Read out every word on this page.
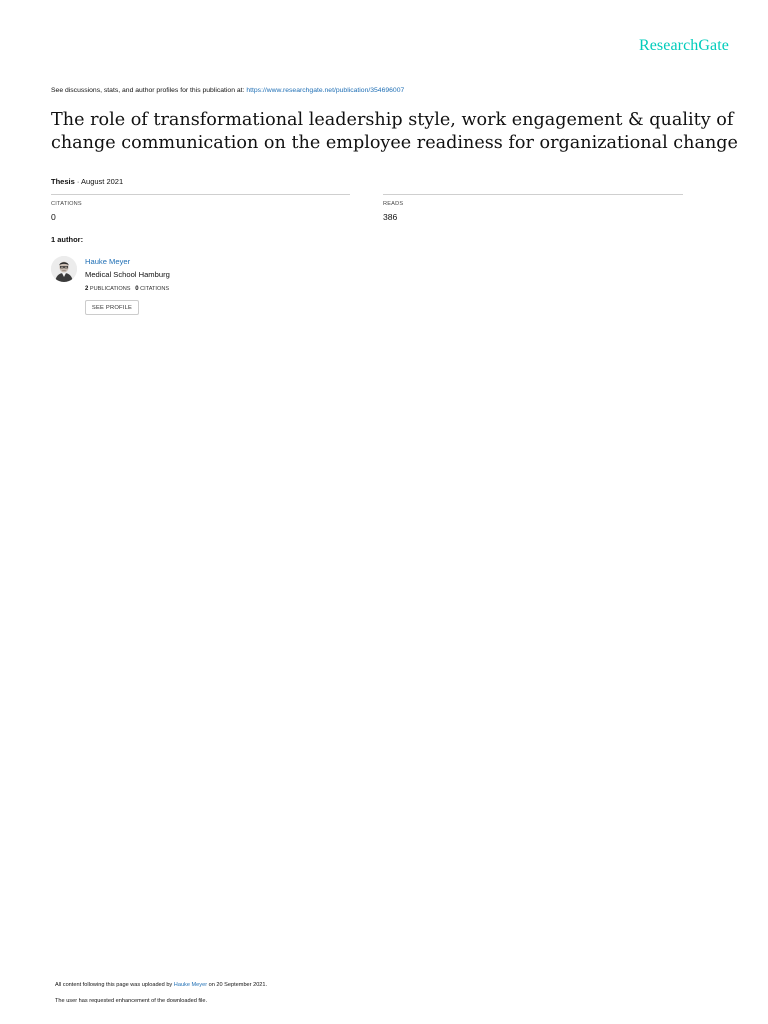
ResearchGate
See discussions, stats, and author profiles for this publication at: https://www.researchgate.net/publication/354696007
The role of transformational leadership style, work engagement & quality of
change communication on the employee readiness for organizational change
Thesis · August 2021
CITATIONS
0
READS
386
1 author:
Hauke Meyer
Medical School Hamburg
2 PUBLICATIONS 0 CITATIONS
SEE PROFILE
All content following this page was uploaded by Hauke Meyer on 20 September 2021.
The user has requested enhancement of the downloaded file.
